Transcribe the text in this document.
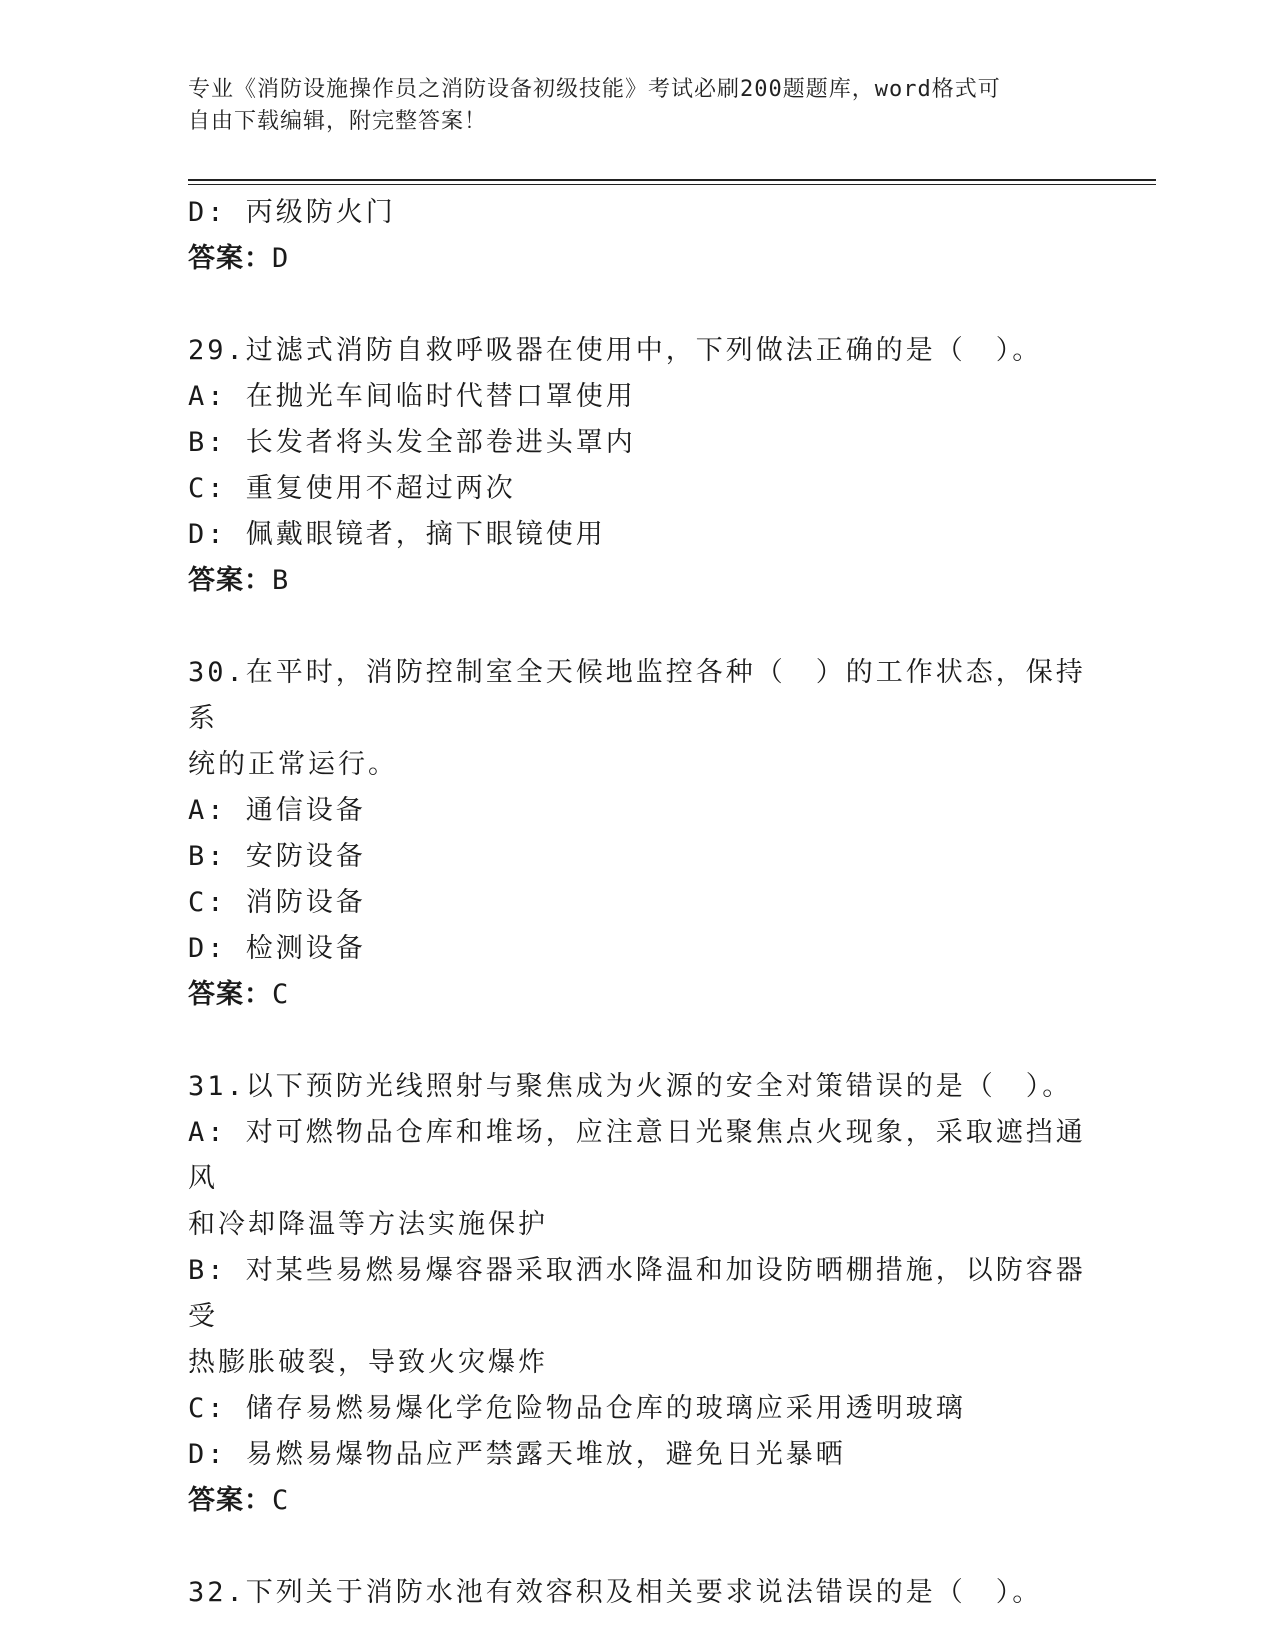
专业《消防设施操作员之消防设备初级技能》考试必刷200题题库，word格式可
自由下载编辑，附完整答案！

D: 丙级防火门

答案：D

29.过滤式消防自救呼吸器在使用中，下列做法正确的是（　）。

A: 在抛光车间临时代替口罩使用

B: 长发者将头发全部卷进头罩内

C: 重复使用不超过两次

D: 佩戴眼镜者，摘下眼镜使用

答案：B

30.在平时，消防控制室全天候地监控各种（　）的工作状态，保持系

统的正常运行。

A: 通信设备

B: 安防设备

C: 消防设备

D: 检测设备

答案：C

31.以下预防光线照射与聚焦成为火源的安全对策错误的是（　）。

A: 对可燃物品仓库和堆场，应注意日光聚焦点火现象，采取遮挡通风

和冷却降温等方法实施保护

B: 对某些易燃易爆容器采取洒水降温和加设防晒棚措施，以防容器受

热膨胀破裂，导致火灾爆炸

C: 储存易燃易爆化学危险物品仓库的玻璃应采用透明玻璃

D: 易燃易爆物品应严禁露天堆放，避免日光暴晒

答案：C

32.下列关于消防水池有效容积及相关要求说法错误的是（　）。
